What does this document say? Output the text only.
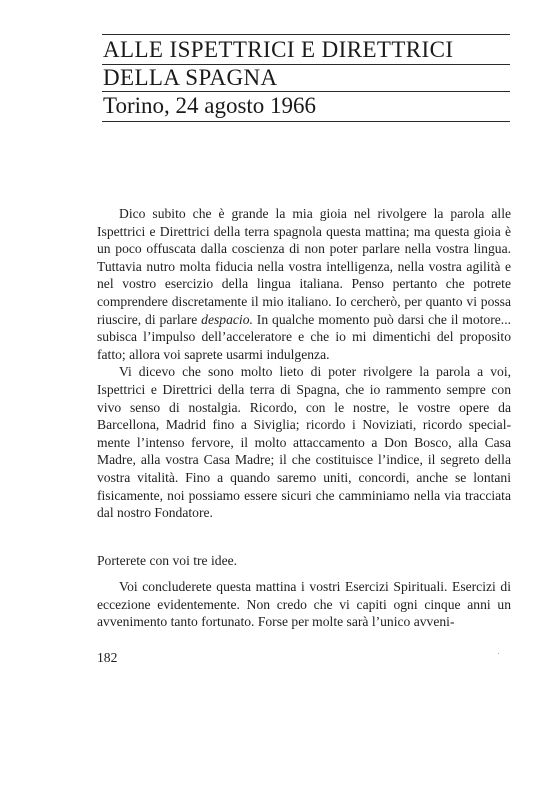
ALLE ISPETTRICI E DIRETTRICI
DELLA SPAGNA
Torino, 24 agosto 1966

Dico subito che è grande la mia gioia nel rivolgere la parola alle Ispettrici e Direttrici della terra spagnola questa mattina; ma questa gioia è un poco offuscata dalla coscienza di non poter parlare nella vostra lingua. Tuttavia nutro molta fiducia nella vostra intelligenza, nella vostra agilità e nel vostro esercizio della lingua italiana. Penso pertanto che potrete comprendere discretamente il mio italiano. Io cercherò, per quanto vi possa riuscire, di parlare despacio. In qualche momento può darsi che il motore... subisca l’impulso dell’acceleratore e che io mi dimentichi del proposito fatto; allora voi saprete usarmi indulgenza.

Vi dicevo che sono molto lieto di poter rivolgere la parola a voi, Ispettrici e Direttrici della terra di Spagna, che io rammento sempre con vivo senso di nostalgia. Ricordo, con le nostre, le vostre opere da Barcellona, Madrid fino a Siviglia; ricordo i Noviziati, ricordo specialmente l’intenso fervore, il molto attaccamento a Don Bosco, alla Casa Madre, alla vostra Casa Madre; il che costituisce l’indice, il segreto della vostra vitalità. Fino a quando saremo uniti, concordi, anche se lontani fisicamente, noi possiamo essere sicuri che camminiamo nella via tracciata dal nostro Fondatore.

Porterete con voi tre idee.

Voi concluderete questa mattina i vostri Esercizi Spirituali. Esercizi di eccezione evidentemente. Non credo che vi capiti ogni cinque anni un avvenimento tanto fortunato. Forse per molte sarà l’unico avveni-

182
